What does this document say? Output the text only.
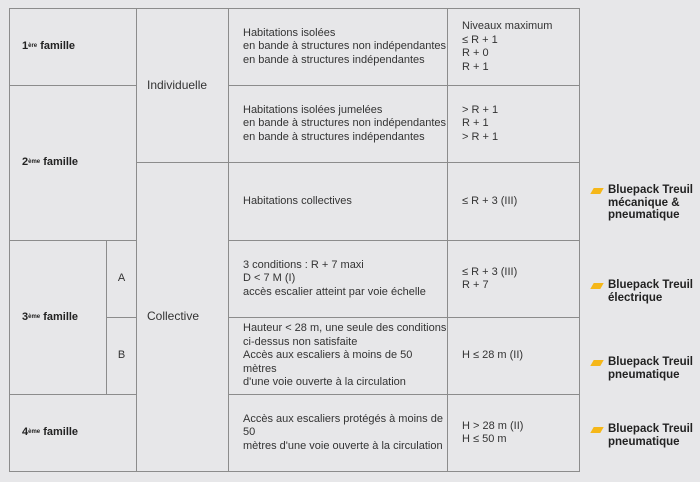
1 ère
famille
2 ème
famille
3 ème
famille
A
B
4 ème
famille
Individuelle
Collective
Habitations isolées
en bande à structures non indépendantes
en bande à structures indépendantes
Habitations isolées jumelées
en bande à structures non indépendantes
en bande à structures indépendantes
Habitations collectives
3 conditions : R + 7 maxi
D < 7 M (I)
accès escalier atteint par voie échelle
Hauteur < 28 m, une seule des conditions
ci-dessus non satisfaite
Accès aux escaliers à moins de 50 mètres
d'une voie ouverte à la circulation
Accès aux escaliers protégés à moins de 50
mètres d'une voie ouverte à la circulation
Niveaux maximum
≤ R + 1
R + 0
R + 1
> R + 1
R + 1
> R + 1
≤ R + 3 (III)
≤ R + 3 (III)
R + 7
H ≤ 28 m (II)
H > 28 m (II)
H ≤ 50 m
Bluepack Treuil
mécanique &
pneumatique
Bluepack Treuil
électrique
Bluepack Treuil
pneumatique
Bluepack Treuil
pneumatique
